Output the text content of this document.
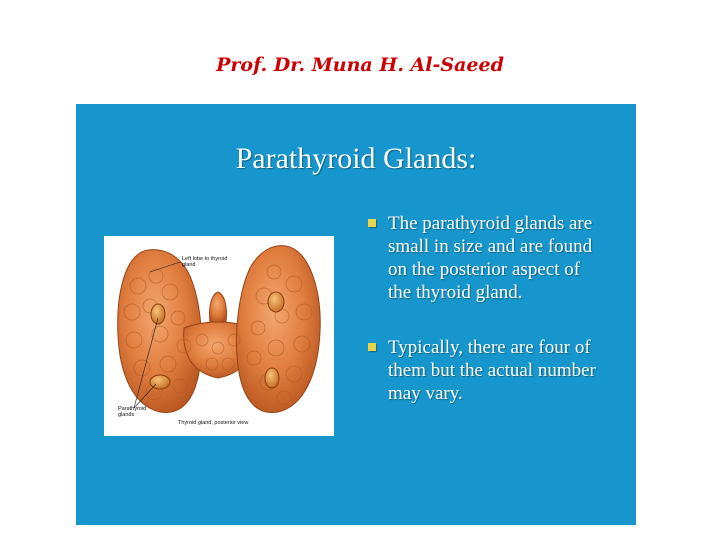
Prof. Dr. Muna H. Al-Saeed
Parathyroid Glands:
Left lobe to thyroid gland
Parathyroid glands
Thyroid gland, posterior view
The parathyroid glands are small in size and are found on the posterior aspect of the thyroid gland.
Typically, there are four of them but the actual number may vary.
